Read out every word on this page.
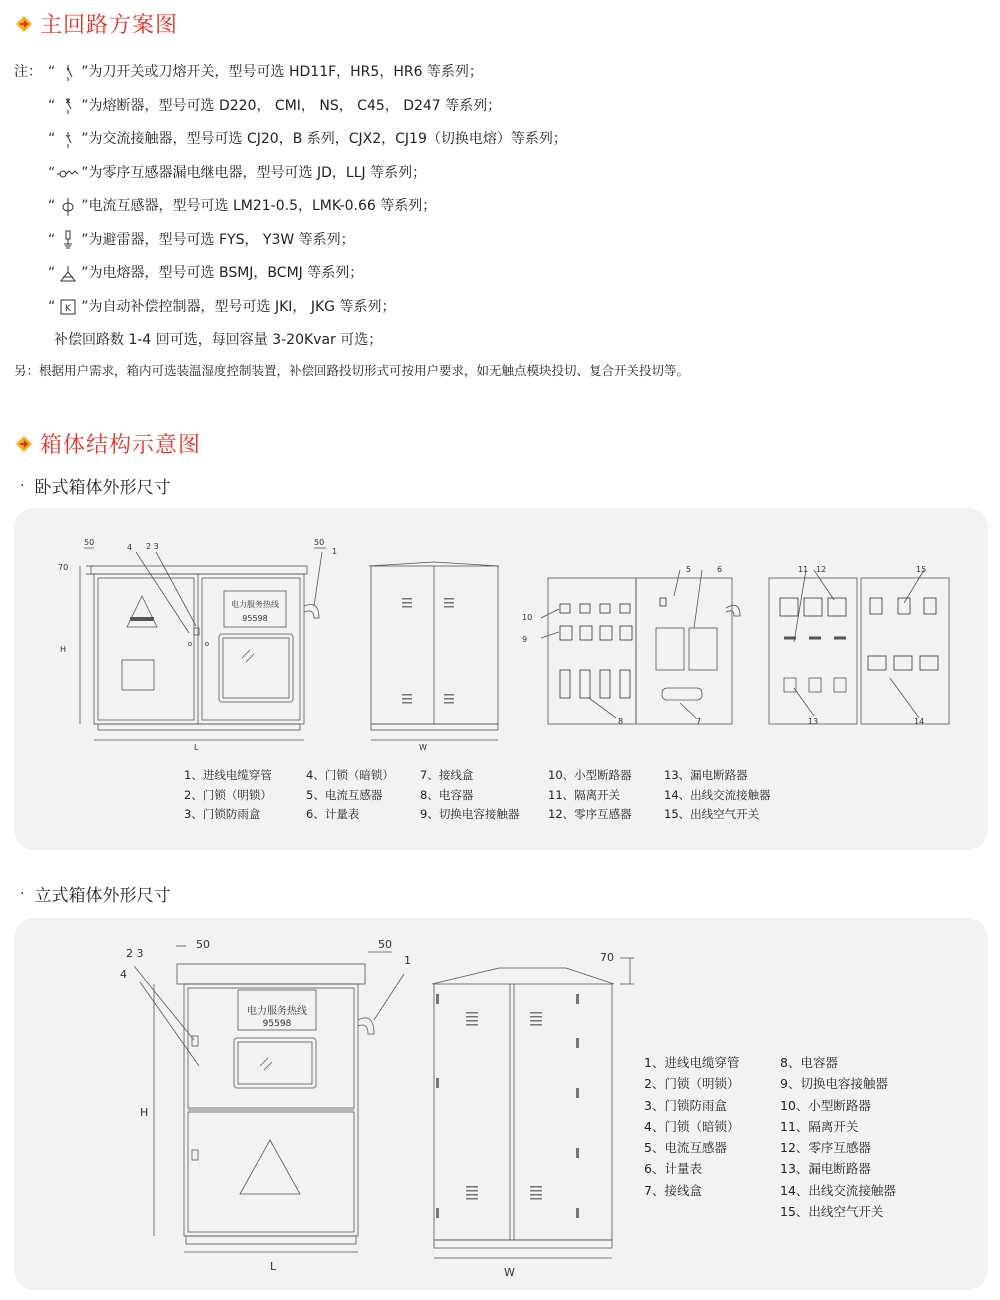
主回路方案图
注： “ ” 为刀开关或刀熔开关，型号可选 HD11F，HR5，HR6 等系列；
“ ” 为熔断器，型号可选 D220， CMI， NS， C45， D247 等系列；
“ ” 为交流接触器，型号可选 CJ20，B 系列，CJX2，CJ19（切换电熔）等系列；
“ ” 为零序互感器漏电继电器，型号可选 JD，LLJ 等系列；
“ ” 电流互感器，型号可选 LM21-0.5，LMK-0.66 等系列；
“ ” 为避雷器，型号可选 FYS， Y3W 等系列；
“ ” 为电熔器，型号可选 BSMJ，BCMJ 等系列；
“ K ” 为自动补偿控制器，型号可选 JKI， JKG 等系列；
补偿回路数 1-4 回可选，每回容量 3-20Kvar 可选；
另：根据用户需求，箱内可选装温湿度控制装置，补偿回路投切形式可按用户要求，如无触点模块投切、复合开关投切等。
箱体结构示意图
· 卧式箱体外形尺寸
50	50
70
H
L	W
1
2 3
4
5	6
7
8
9
10
11 12
13	14
15
电力服务热线
95598
1、进线电缆穿管
2、门锁（明锁）
3、门锁防雨盒
4、门锁（暗锁）
5、电流互感器
6、计量表
7、接线盒
8、电容器
9、切换电容接触器
10、小型断路器
11、隔离开关
12、零序互感器
13、漏电断路器
14、出线交流接触器
15、出线空气开关
· 立式箱体外形尺寸
50	50
70
H
L	W
1
2 3
4
电力服务热线
95598
1、进线电缆穿管
2、门锁（明锁）
3、门锁防雨盒
4、门锁（暗锁）
5、电流互感器
6、计量表
7、接线盒
8、电容器
9、切换电容接触器
10、小型断路器
11、隔离开关
12、零序互感器
13、漏电断路器
14、出线交流接触器
15、出线空气开关
